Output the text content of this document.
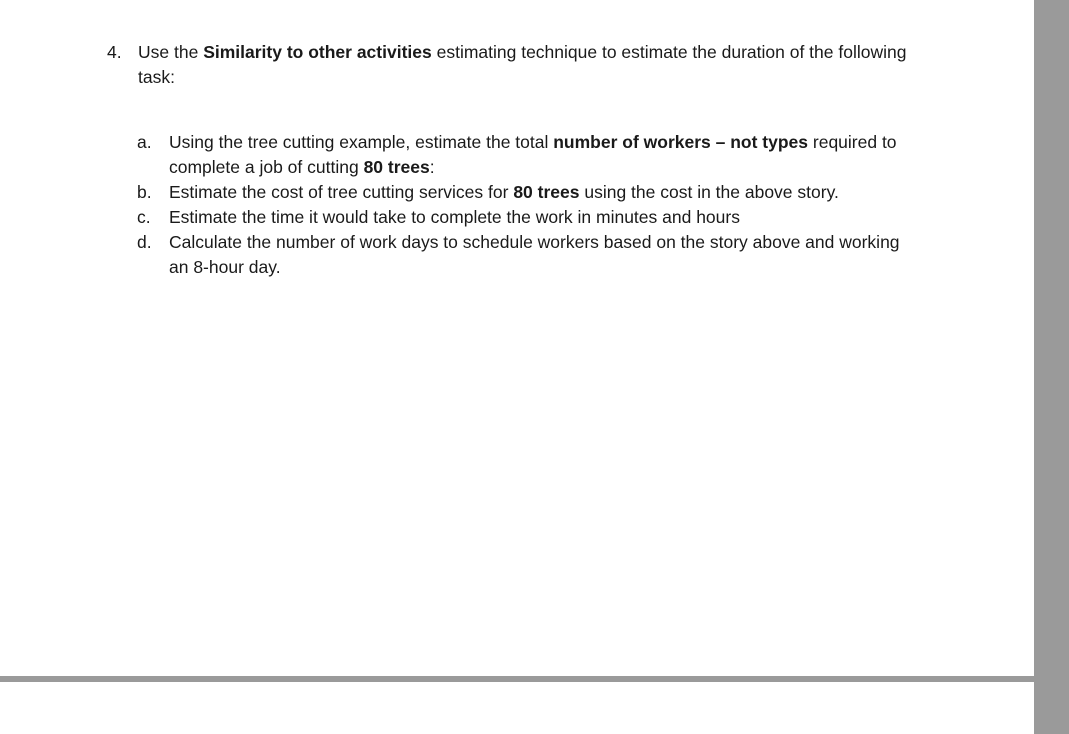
4. Use the Similarity to other activities estimating technique to estimate the duration of the following task:
a. Using the tree cutting example, estimate the total number of workers – not types required to complete a job of cutting 80 trees:
b. Estimate the cost of tree cutting services for 80 trees using the cost in the above story.
c. Estimate the time it would take to complete the work in minutes and hours
d. Calculate the number of work days to schedule workers based on the story above and working an 8-hour day.
